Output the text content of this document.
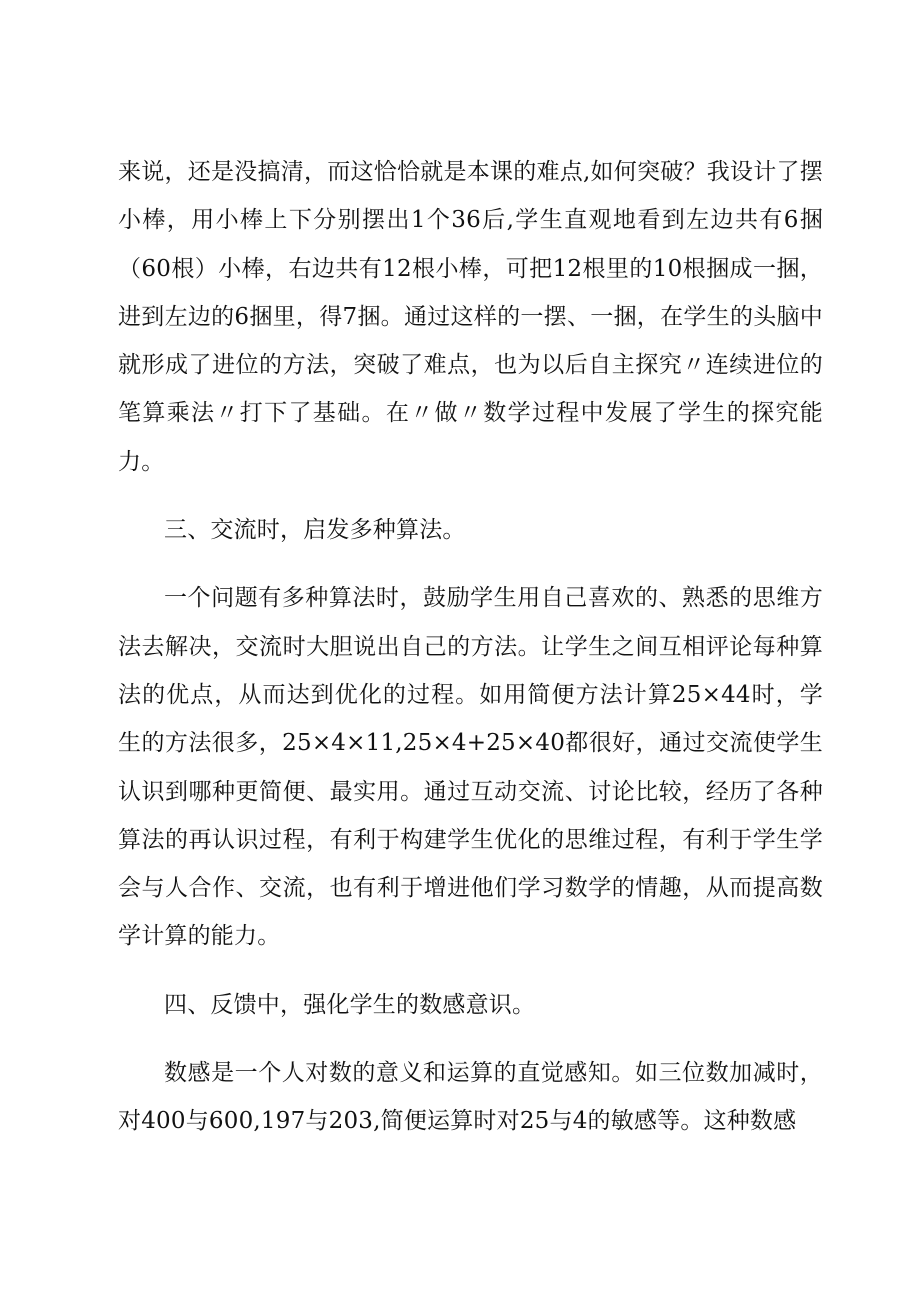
来说，还是没搞清，而这恰恰就是本课的难点,如何突破？我设计了摆小棒，用小棒上下分别摆出1个36后,学生直观地看到左边共有6捆（60根）小棒，右边共有12根小棒，可把12根里的10根捆成一捆，进到左边的6捆里，得7捆。通过这样的一摆、一捆，在学生的头脑中就形成了进位的方法，突破了难点，也为以后自主探究〃连续进位的笔算乘法〃打下了基础。在〃做〃数学过程中发展了学生的探究能力。

三、交流时，启发多种算法。

一个问题有多种算法时，鼓励学生用自己喜欢的、熟悉的思维方法去解决，交流时大胆说出自己的方法。让学生之间互相评论每种算法的优点，从而达到优化的过程。如用简便方法计算25×44时，学生的方法很多，25×4×11,25×4+25×40都很好，通过交流使学生认识到哪种更简便、最实用。通过互动交流、讨论比较，经历了各种算法的再认识过程，有利于构建学生优化的思维过程，有利于学生学会与人合作、交流，也有利于增进他们学习数学的情趣，从而提高数学计算的能力。

四、反馈中，强化学生的数感意识。

数感是一个人对数的意义和运算的直觉感知。如三位数加减时，对400与600,197与203,简便运算时对25与4的敏感等。这种数感
